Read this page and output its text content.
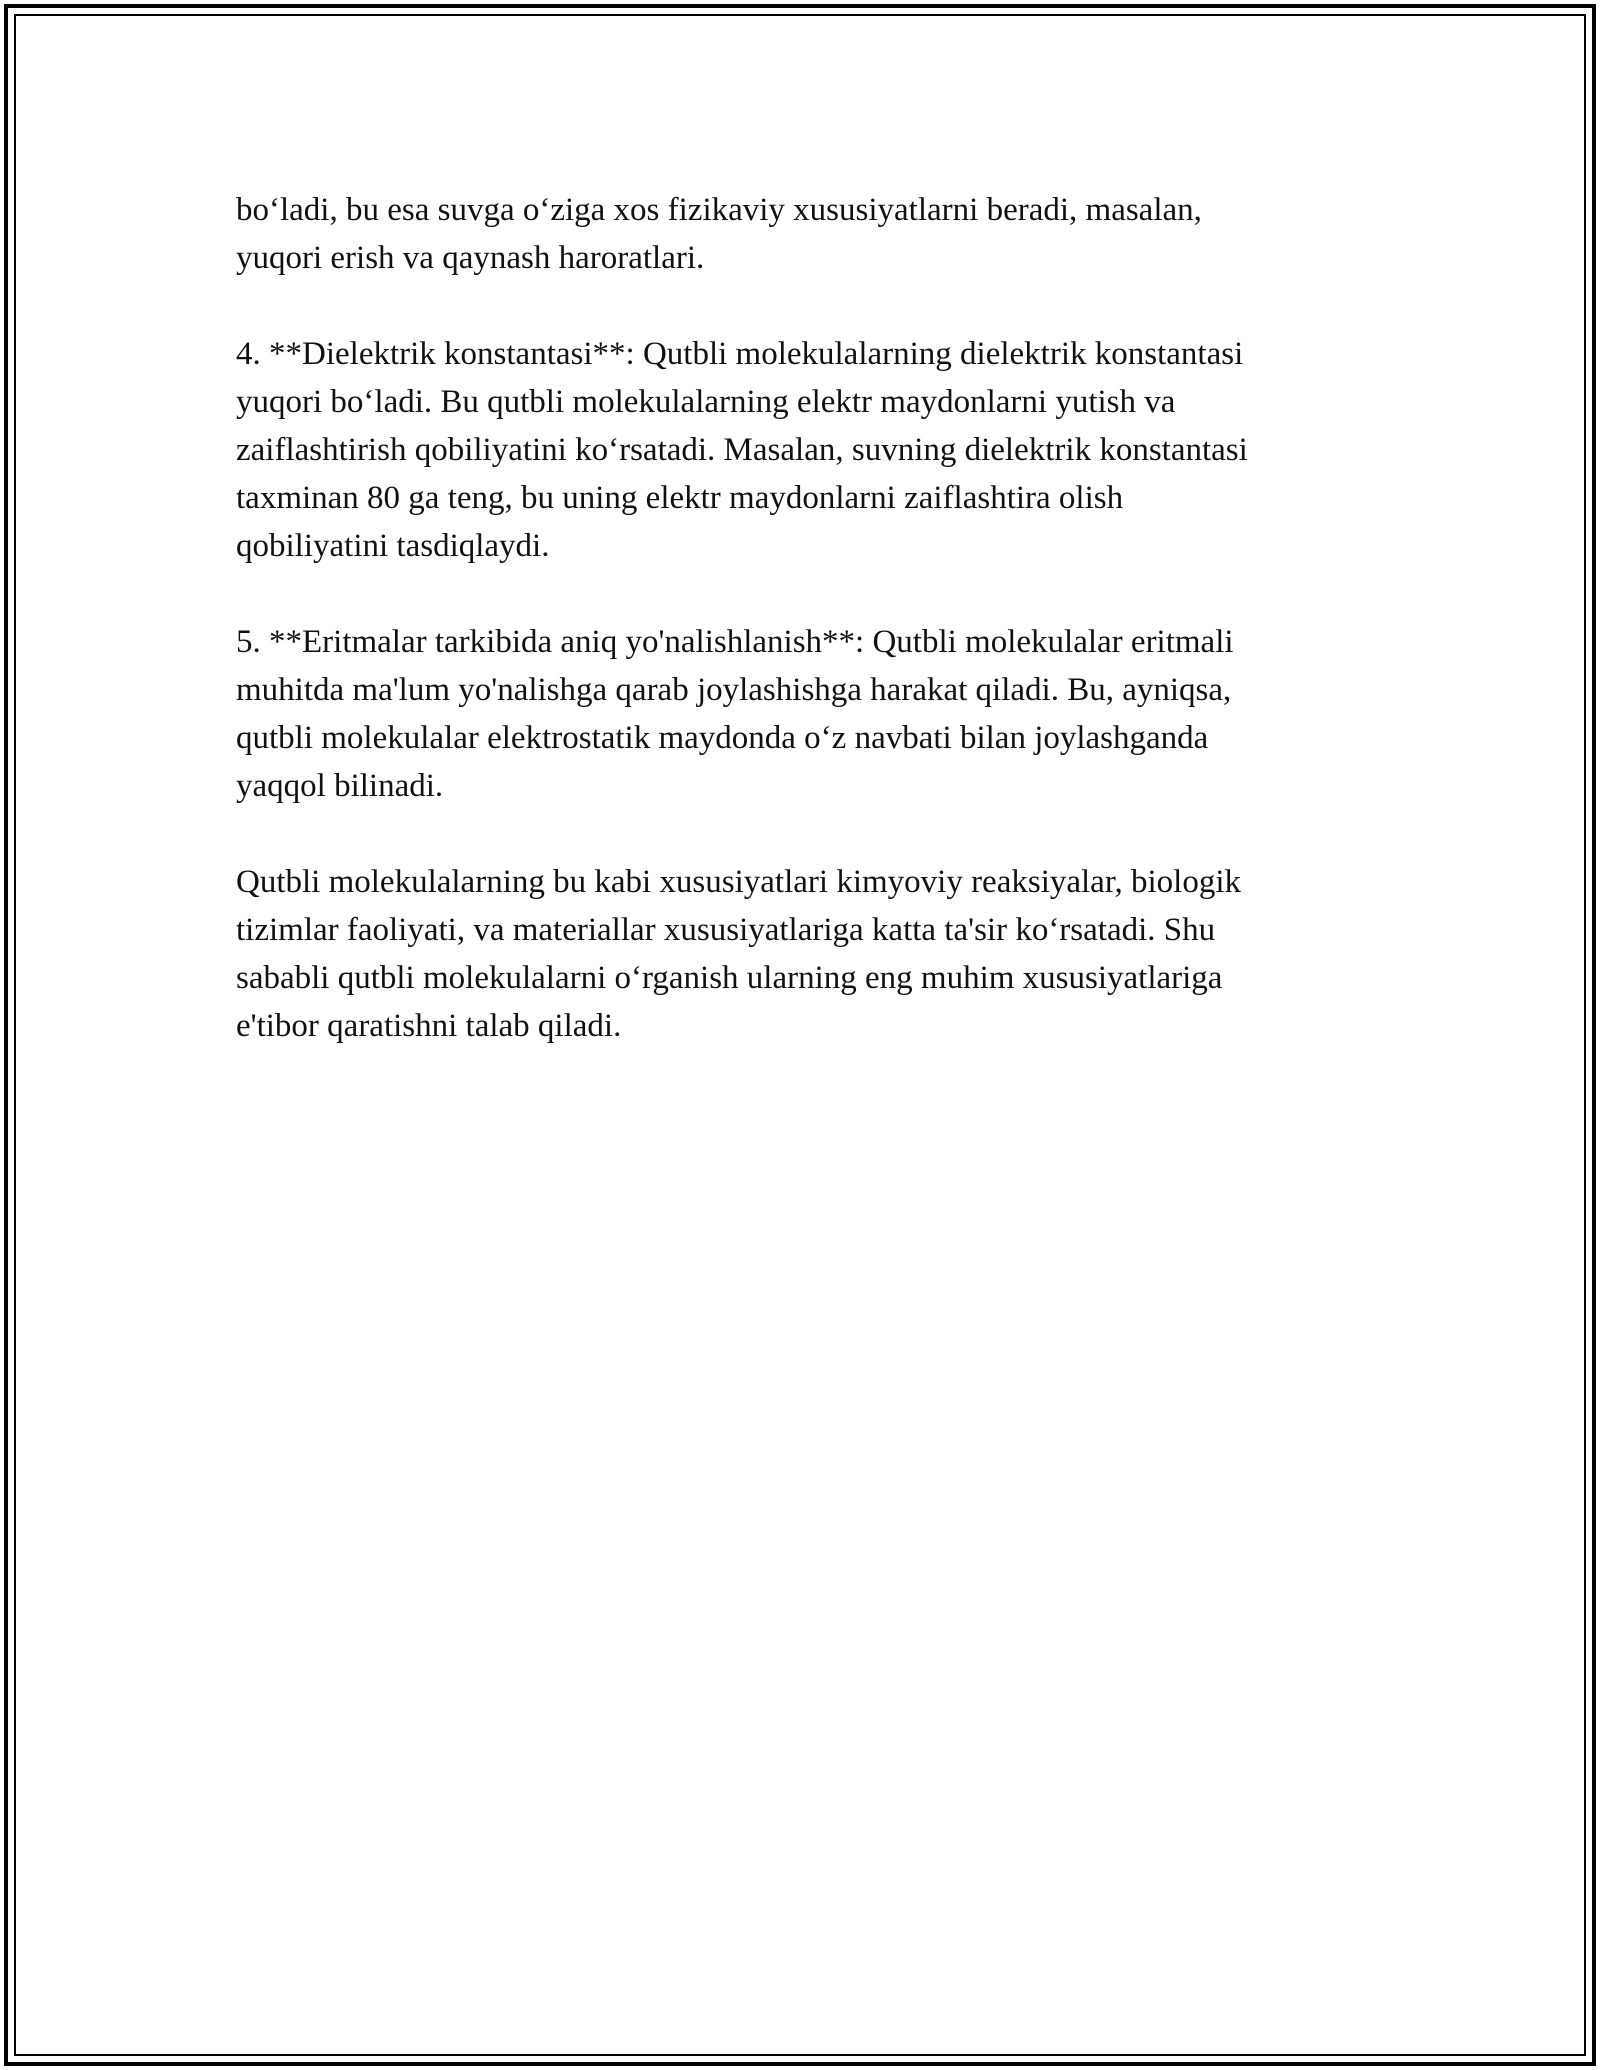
bo‘ladi, bu esa suvga o‘ziga xos fizikaviy xususiyatlarni beradi, masalan,
yuqori erish va qaynash haroratlari.

4. **Dielektrik konstantasi**: Qutbli molekulalarning dielektrik konstantasi
yuqori bo‘ladi. Bu qutbli molekulalarning elektr maydonlarni yutish va
zaiflashtirish qobiliyatini ko‘rsatadi. Masalan, suvning dielektrik konstantasi
taxminan 80 ga teng, bu uning elektr maydonlarni zaiflashtira olish
qobiliyatini tasdiqlaydi.

5. **Eritmalar tarkibida aniq yo'nalishlanish**: Qutbli molekulalar eritmali
muhitda ma'lum yo'nalishga qarab joylashishga harakat qiladi. Bu, ayniqsa,
qutbli molekulalar elektrostatik maydonda o‘z navbati bilan joylashganda
yaqqol bilinadi.

Qutbli molekulalarning bu kabi xususiyatlari kimyoviy reaksiyalar, biologik
tizimlar faoliyati, va materiallar xususiyatlariga katta ta'sir ko‘rsatadi. Shu
sababli qutbli molekulalarni o‘rganish ularning eng muhim xususiyatlariga
e'tibor qaratishni talab qiladi.
